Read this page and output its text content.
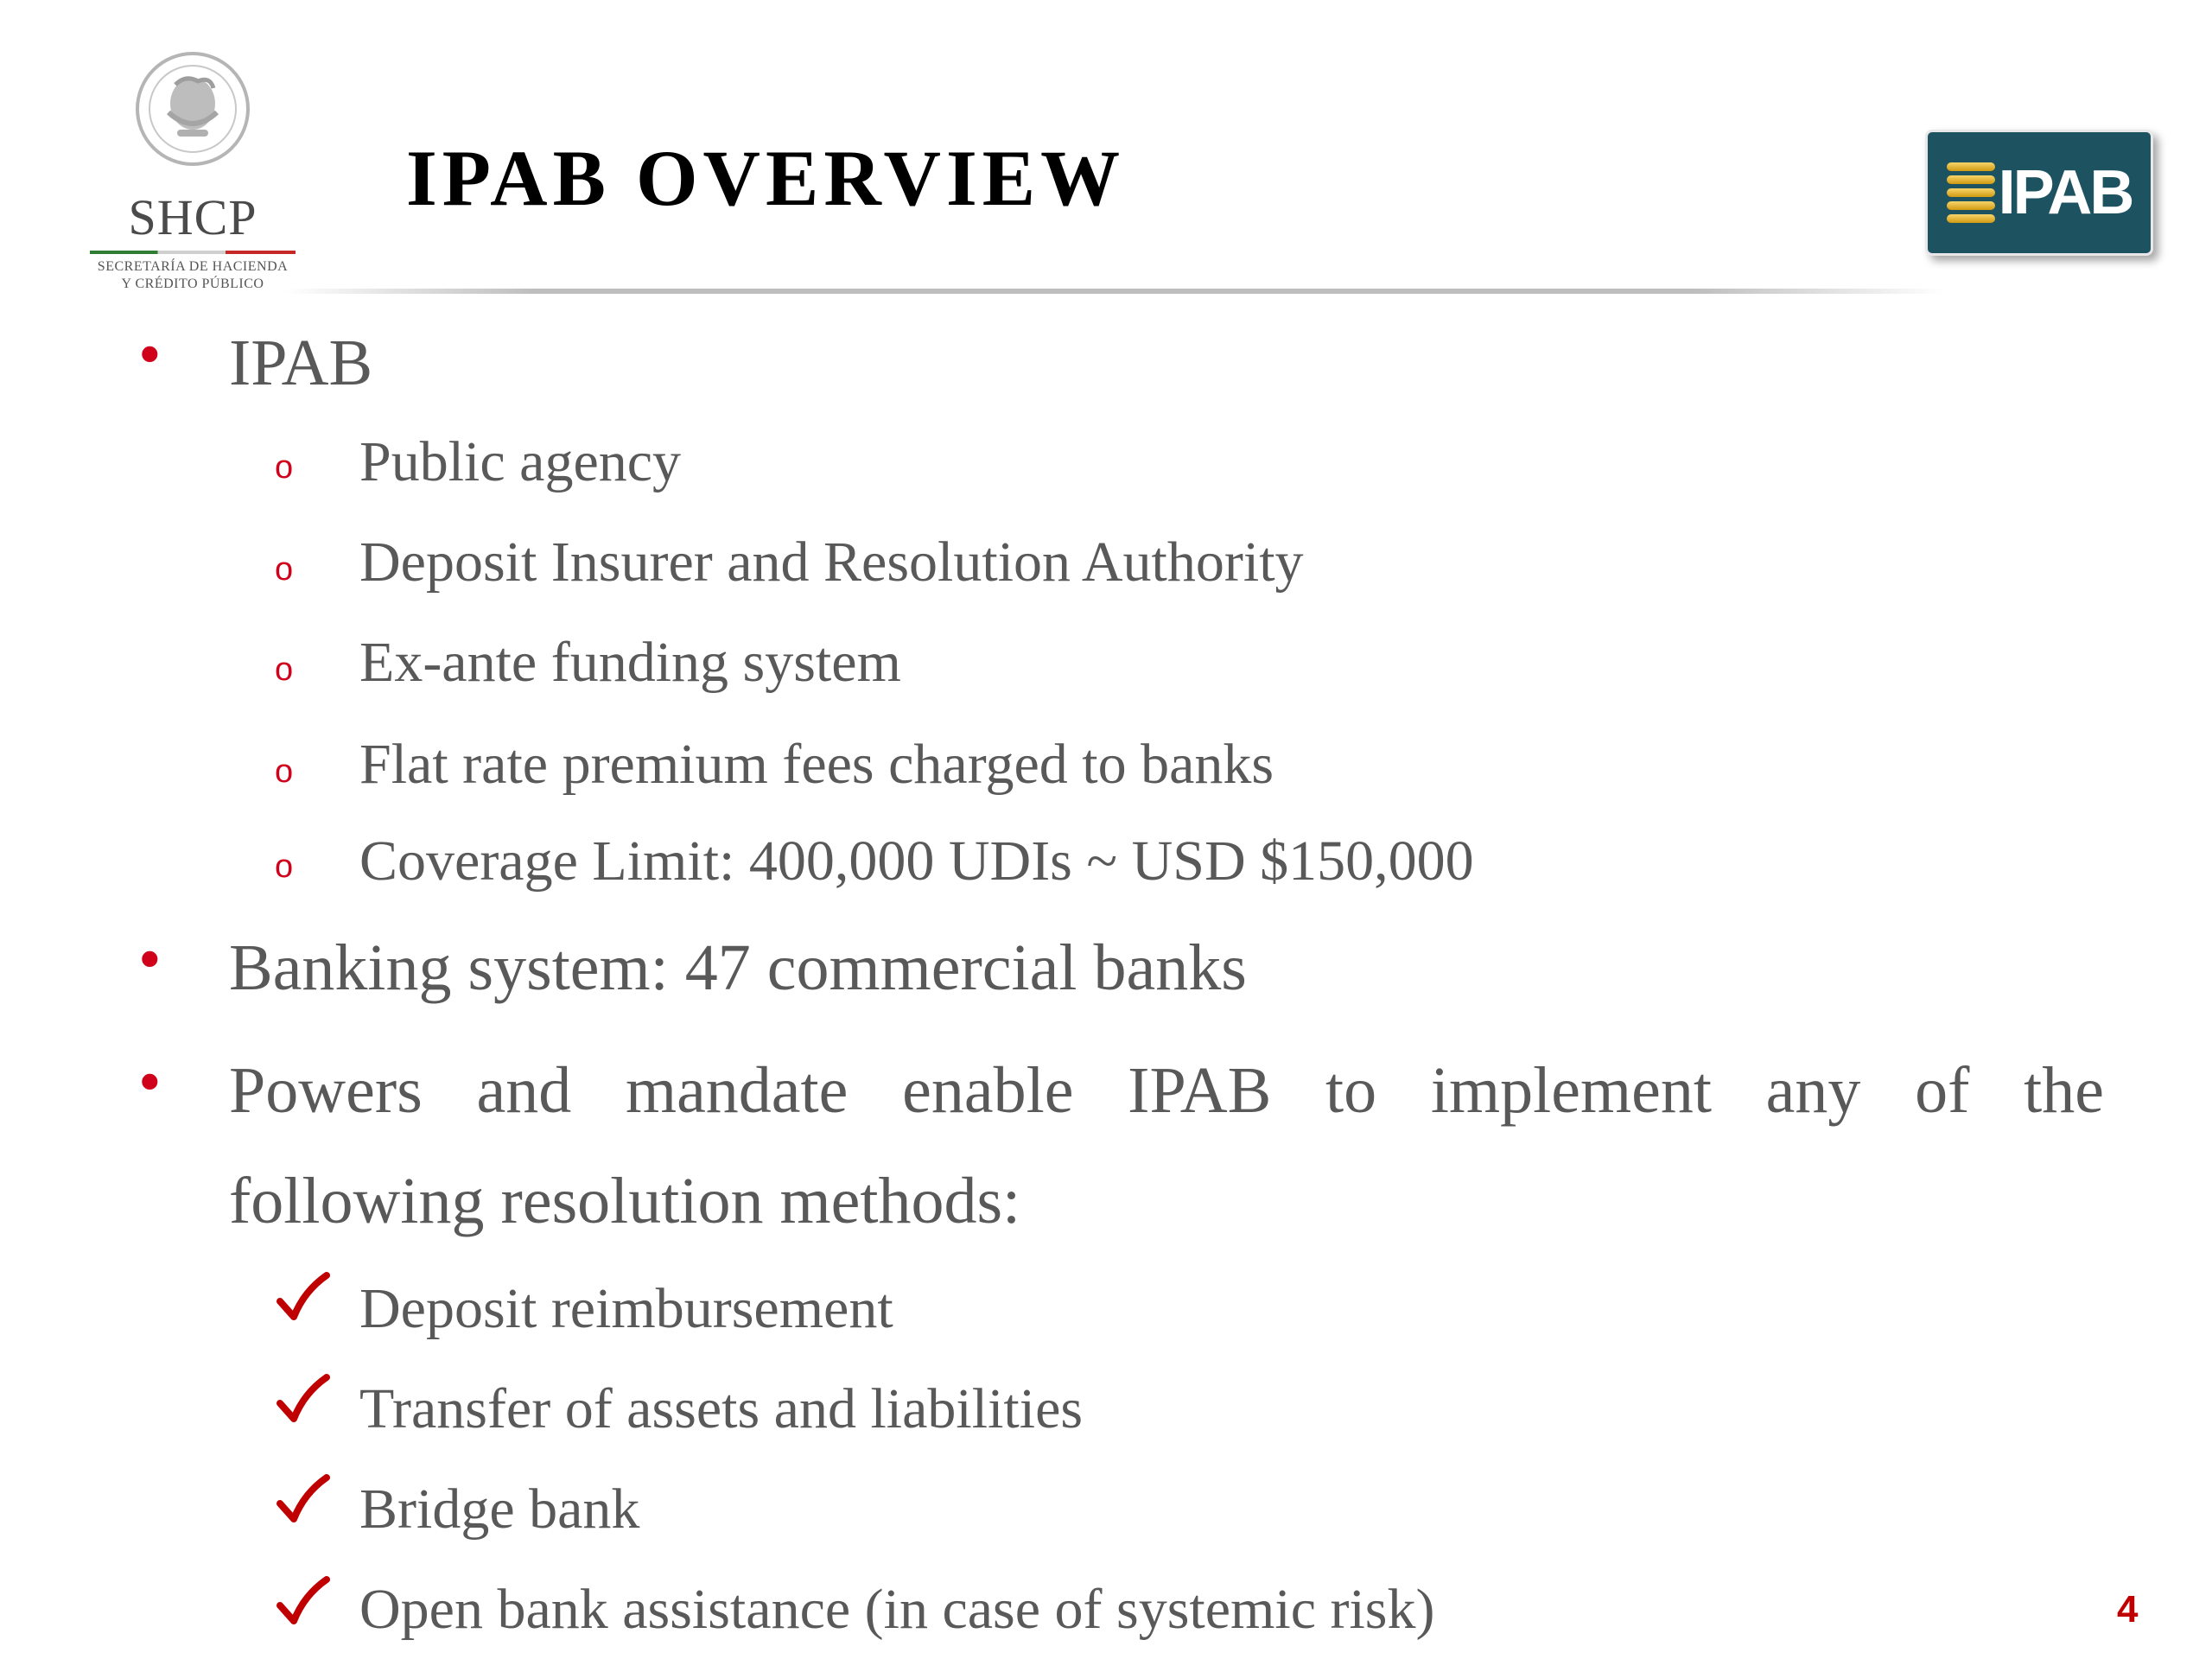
SHCP
SECRETARÍA DE HACIENDA
Y CRÉDITO PÚBLICO
IPAB OVERVIEW	IPAB
• IPAB
o Public agency
o Deposit Insurer and Resolution Authority
o Ex-ante funding system
o Flat rate premium fees charged to banks
o Coverage Limit: 400,000 UDIs ~ USD $150,000
• Banking system: 47 commercial banks
• Powers and mandate enable IPAB to implement any of the
following resolution methods:
Deposit reimbursement
Transfer of assets and liabilities
Bridge bank
Open bank assistance (in case of systemic risk)	4
